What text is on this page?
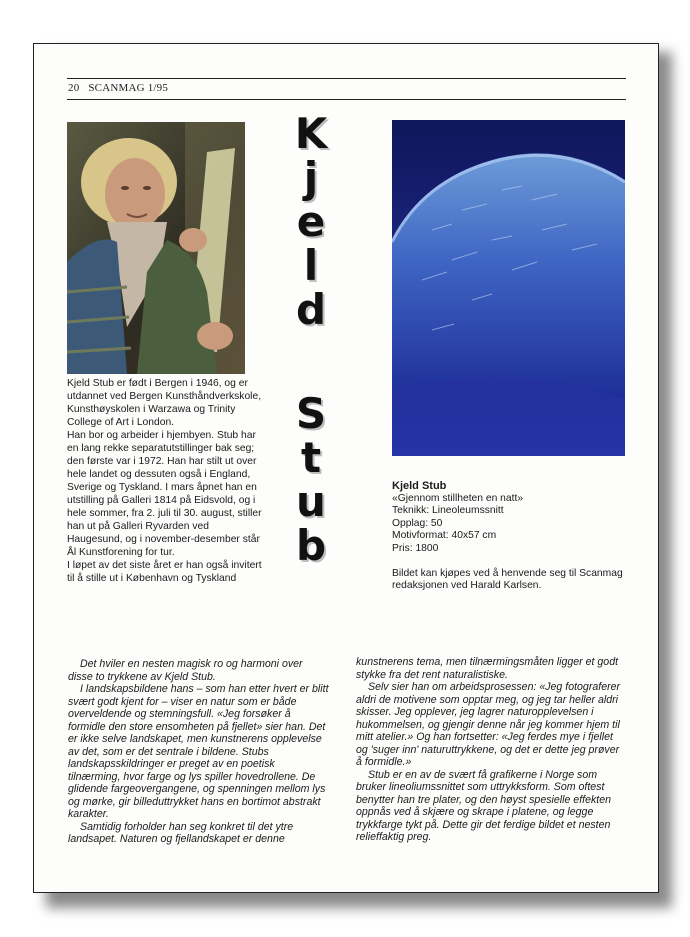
20 SCANMAG 1/95
K
j
e
l
d
S
t
u
b

Kjeld Stub er født i Bergen i 1946, og er utdannet ved Bergen Kunsthåndverkskole, Kunsthøyskolen i Warzawa og Trinity College of Art i London.

Han bor og arbeider i hjembyen. Stub har en lang rekke separatutstillinger bak seg; den første var i 1972. Han har stilt ut over hele landet og dessuten også i England, Sverige og Tyskland. I mars åpnet han en utstilling på Galleri 1814 på Eidsvold, og i hele sommer, fra 2. juli til 30. august, stiller han ut på Galleri Ryvarden ved Haugesund, og i november-desember står Ål Kunstforening for tur.

I løpet av det siste året er han også invitert til å stille ut i København og Tyskland

Kjeld Stub
«Gjennom stillheten en natt»
Teknikk: Lineoleumssnitt
Opplag: 50
Motivformat: 40x57 cm
Pris: 1800
Bildet kan kjøpes ved å henvende seg til Scanmag redaksjonen ved Harald Karlsen.

Det hviler en nesten magisk ro og harmoni over disse to trykkene av Kjeld Stub.

I landskapsbildene hans – som han etter hvert er blitt svært godt kjent for – viser en natur som er både overveldende og stemningsfull. «Jeg forsøker å formidle den store ensomheten på fjellet» sier han. Det er ikke selve landskapet, men kunstnerens opplevelse av det, som er det sentrale i bildene. Stubs landskapsskildringer er preget av en poetisk tilnærming, hvor farge og lys spiller hovedrollene. De glidende fargeovergangene, og spenningen mellom lys og mørke, gir billeduttrykket hans en bortimot abstrakt karakter.

Samtidig forholder han seg konkret til det ytre landsapet. Naturen og fjellandskapet er denne

kunstnerens tema, men tilnærmingsmåten ligger et godt stykke fra det rent naturalistiske.

Selv sier han om arbeidsprosessen: «Jeg fotograferer aldri de motivene som opptar meg, og jeg tar heller aldri skisser. Jeg opplever, jeg lagrer naturopplevelsen i hukommelsen, og gjengir denne når jeg kommer hjem til mitt atelier.» Og han fortsetter: «Jeg ferdes mye i fjellet og 'suger inn' naturuttrykkene, og det er dette jeg prøver å formidle.»

Stub er en av de svært få grafikerne i Norge som bruker lineoliumssnittet som uttrykksform. Som oftest benytter han tre plater, og den høyst spesielle effekten oppnås ved å skjære og skrape i platene, og legge trykkfarge tykt på. Dette gir det ferdige bildet et nesten relieffaktig preg.
